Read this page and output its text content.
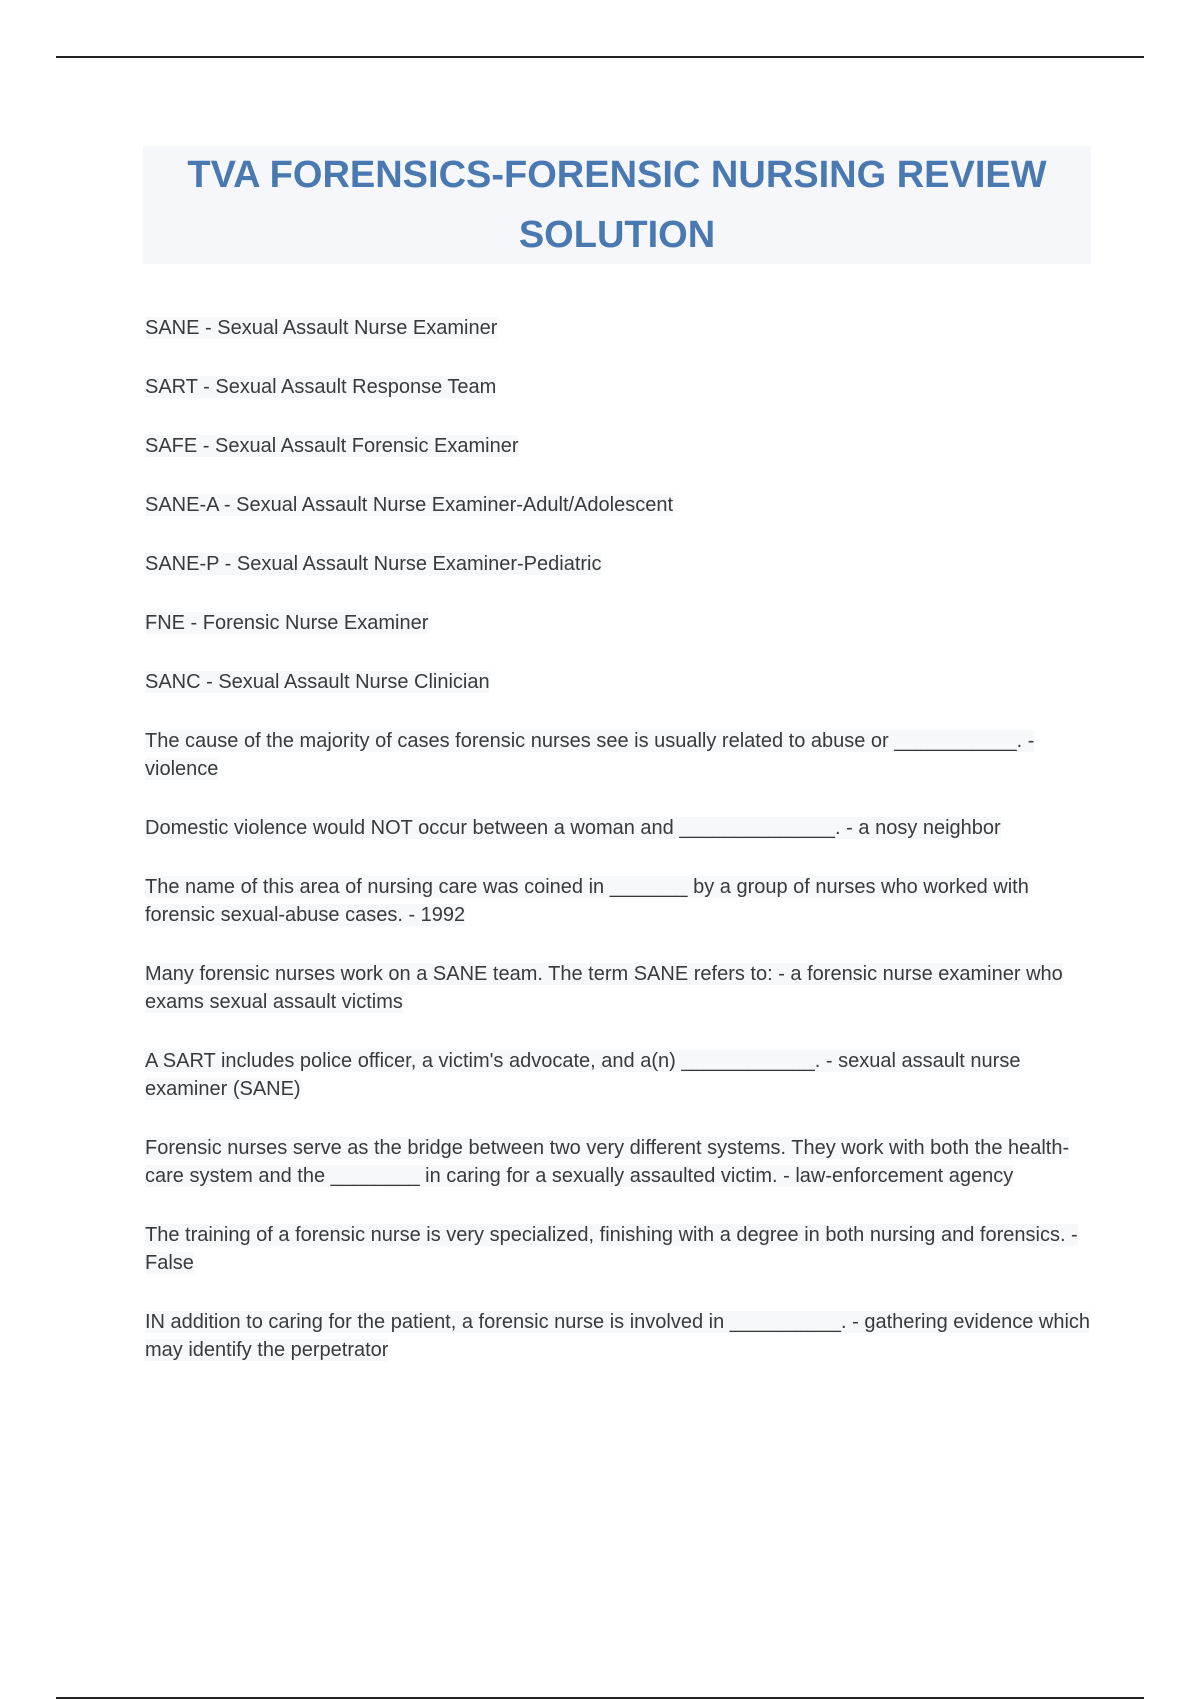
TVA FORENSICS-FORENSIC NURSING REVIEW SOLUTION

SANE - Sexual Assault Nurse Examiner

SART - Sexual Assault Response Team

SAFE - Sexual Assault Forensic Examiner

SANE-A - Sexual Assault Nurse Examiner-Adult/Adolescent

SANE-P - Sexual Assault Nurse Examiner-Pediatric

FNE - Forensic Nurse Examiner

SANC - Sexual Assault Nurse Clinician

The cause of the majority of cases forensic nurses see is usually related to abuse or ___________. - violence

Domestic violence would NOT occur between a woman and ______________. - a nosy neighbor

The name of this area of nursing care was coined in _______ by a group of nurses who worked with forensic sexual-abuse cases. - 1992

Many forensic nurses work on a SANE team. The term SANE refers to: - a forensic nurse examiner who exams sexual assault victims

A SART includes police officer, a victim's advocate, and a(n) ____________. - sexual assault nurse examiner (SANE)

Forensic nurses serve as the bridge between two very different systems. They work with both the health-care system and the ________ in caring for a sexually assaulted victim. - law-enforcement agency

The training of a forensic nurse is very specialized, finishing with a degree in both nursing and forensics. - False

IN addition to caring for the patient, a forensic nurse is involved in __________. - gathering evidence which may identify the perpetrator
